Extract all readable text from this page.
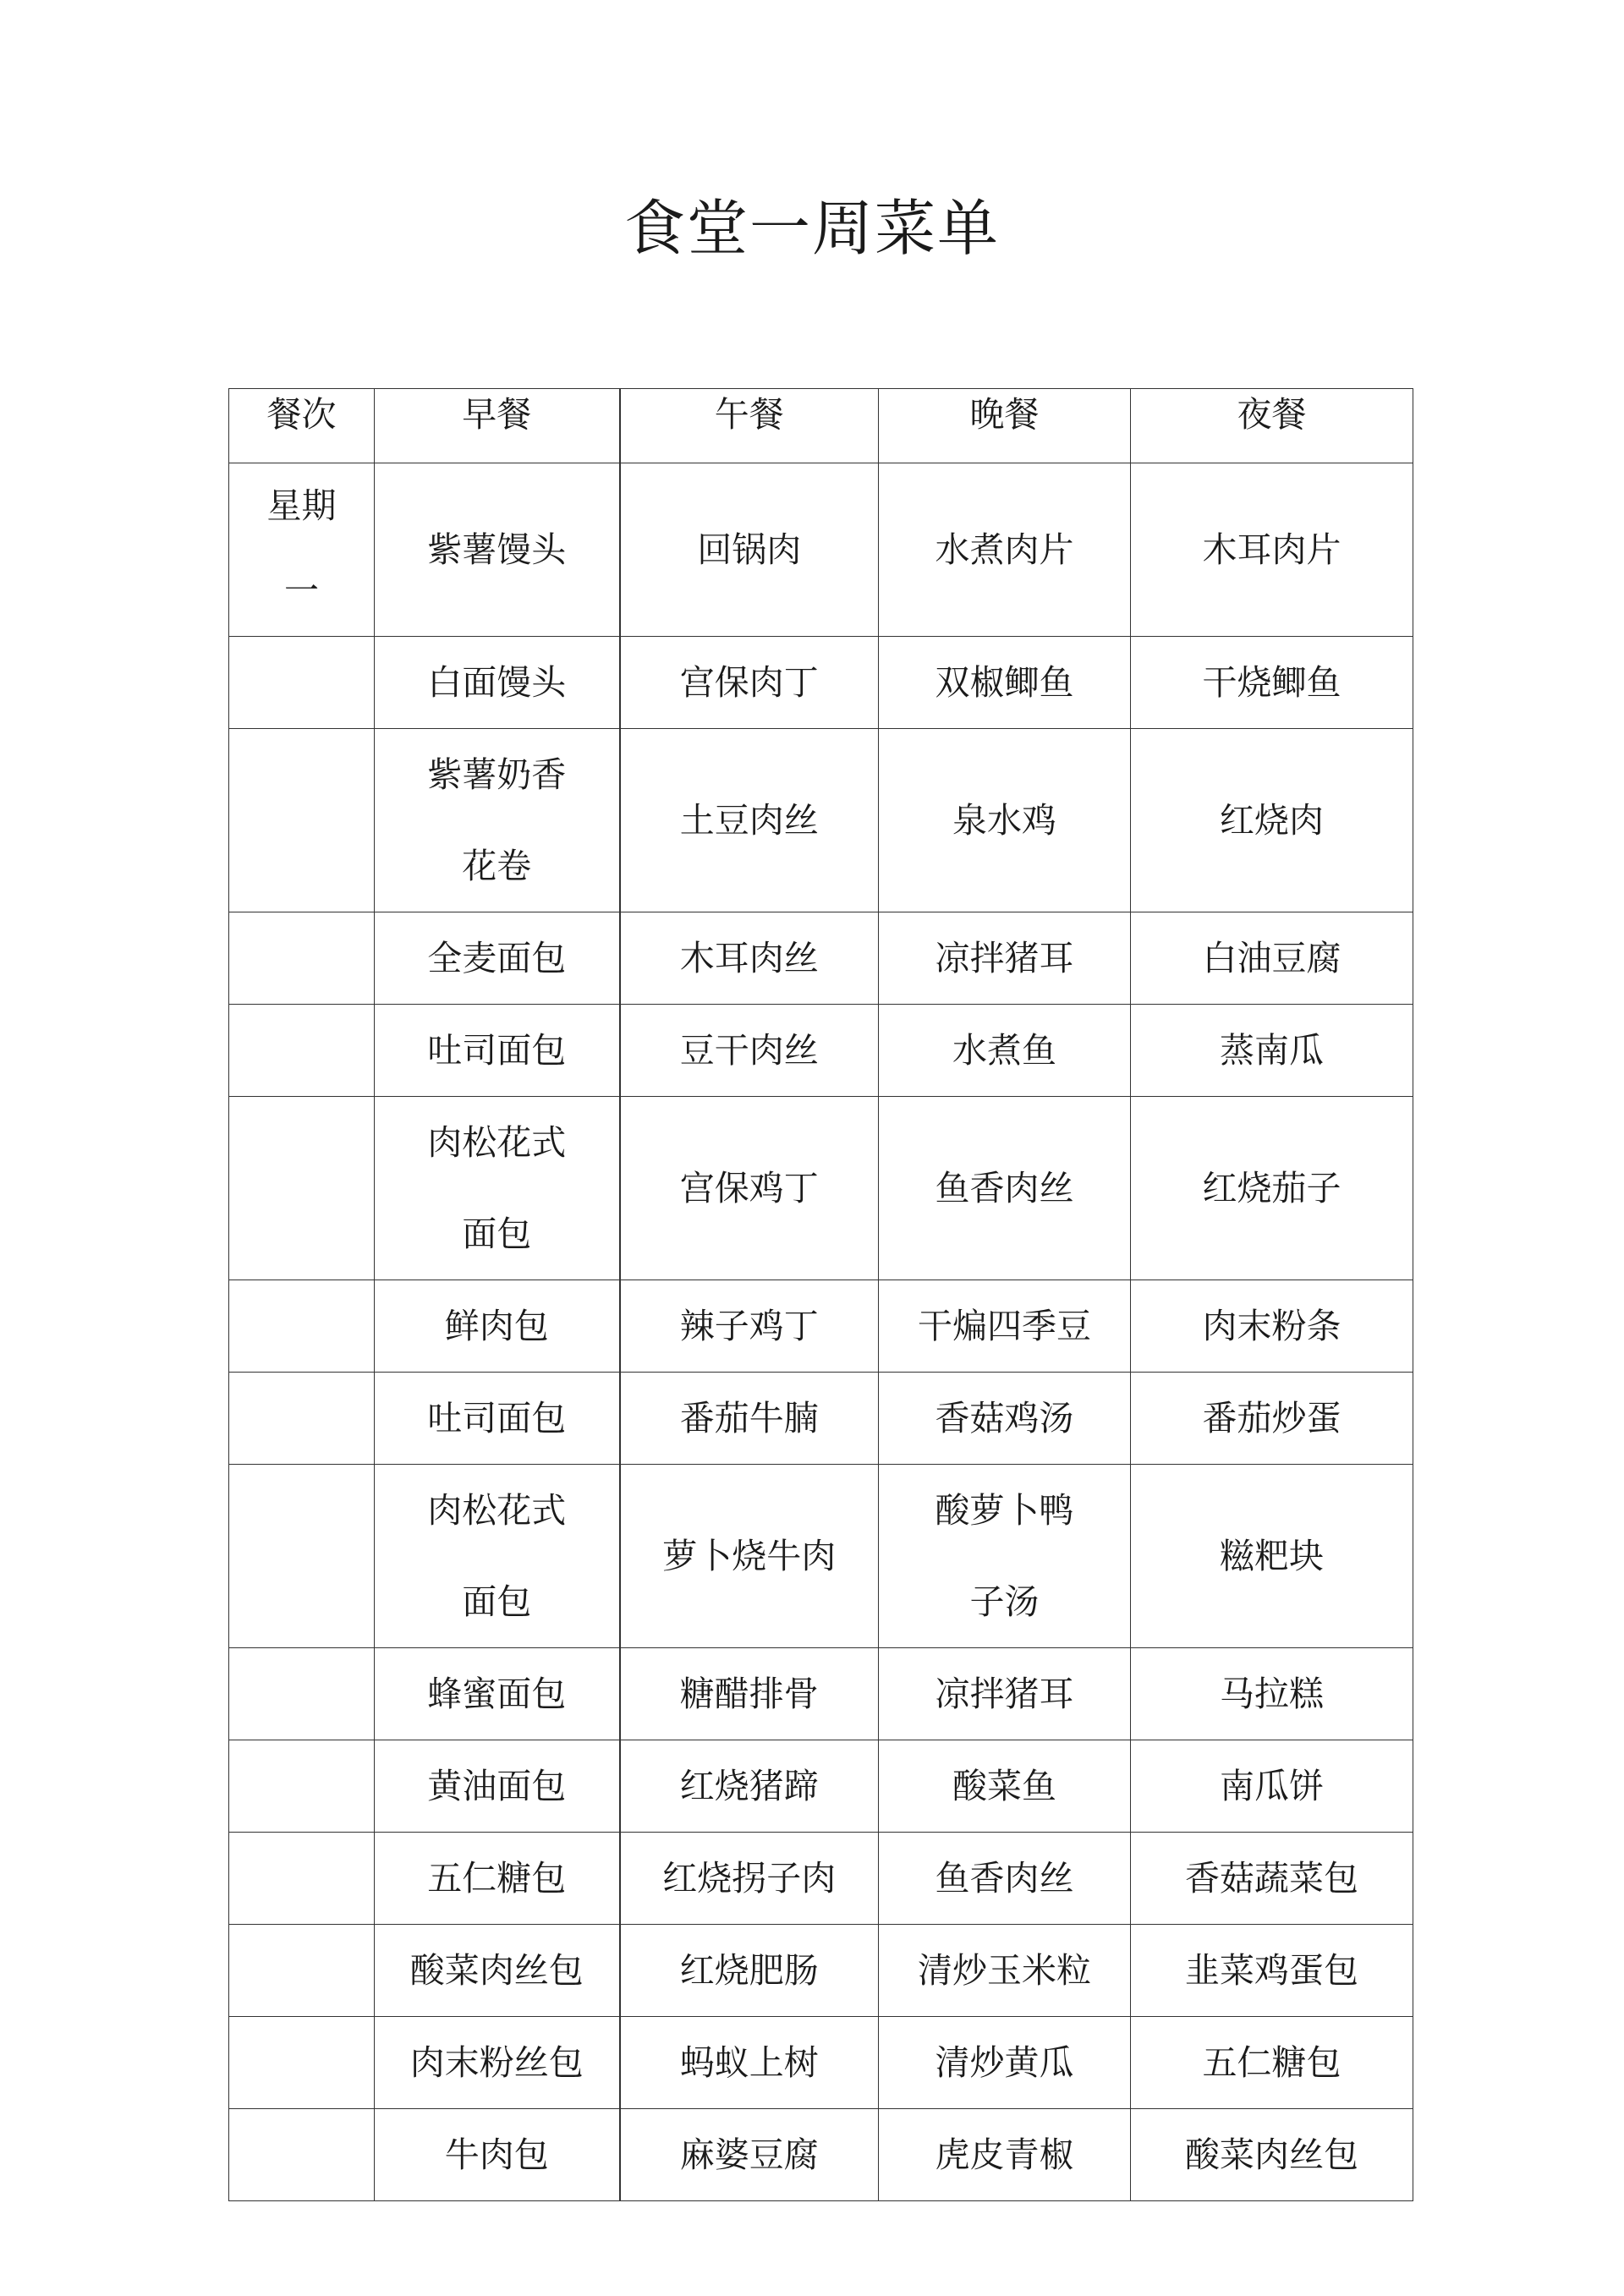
食堂一周菜单
餐次	早餐	午餐	晚餐	夜餐
星期一	紫薯馒头	回锅肉	水煮肉片	木耳肉片
	白面馒头	宫保肉丁	双椒鲫鱼	干烧鲫鱼
	紫薯奶香花卷	土豆肉丝	泉水鸡	红烧肉
	全麦面包	木耳肉丝	凉拌猪耳	白油豆腐
	吐司面包	豆干肉丝	水煮鱼	蒸南瓜
	肉松花式面包	宫保鸡丁	鱼香肉丝	红烧茄子
	鲜肉包	辣子鸡丁	干煸四季豆	肉末粉条
	吐司面包	番茄牛腩	香菇鸡汤	番茄炒蛋
	肉松花式面包	萝卜烧牛肉	酸萝卜鸭子汤	糍粑块
	蜂蜜面包	糖醋排骨	凉拌猪耳	马拉糕
	黄油面包	红烧猪蹄	酸菜鱼	南瓜饼
	五仁糖包	红烧拐子肉	鱼香肉丝	香菇蔬菜包
	酸菜肉丝包	红烧肥肠	清炒玉米粒	韭菜鸡蛋包
	肉末粉丝包	蚂蚁上树	清炒黄瓜	五仁糖包
	牛肉包	麻婆豆腐	虎皮青椒	酸菜肉丝包
